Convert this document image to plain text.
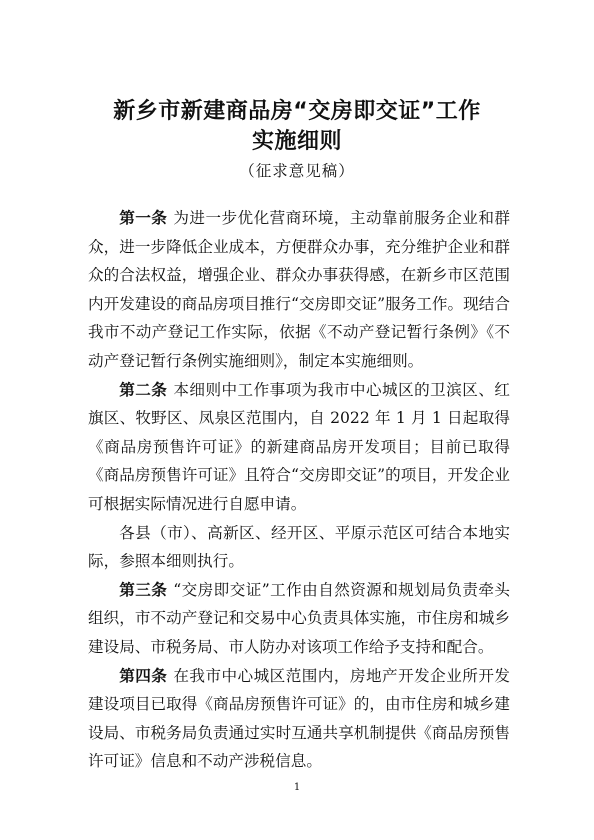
新乡市新建商品房“交房即交证”工作
实施细则
（征求意见稿）

第一条 为进一步优化营商环境，主动靠前服务企业和群众，进一步降低企业成本，方便群众办事，充分维护企业和群众的合法权益，增强企业、群众办事获得感，在新乡市区范围内开发建设的商品房项目推行“交房即交证”服务工作。现结合我市不动产登记工作实际，依据《不动产登记暂行条例》《不动产登记暂行条例实施细则》，制定本实施细则。

第二条 本细则中工作事项为我市中心城区的卫滨区、红旗区、牧野区、凤泉区范围内，自 2022 年 1 月 1 日起取得《商品房预售许可证》的新建商品房开发项目；目前已取得《商品房预售许可证》且符合“交房即交证”的项目，开发企业可根据实际情况进行自愿申请。

各县（市）、高新区、经开区、平原示范区可结合本地实际，参照本细则执行。

第三条 “交房即交证”工作由自然资源和规划局负责牵头组织，市不动产登记和交易中心负责具体实施，市住房和城乡建设局、市税务局、市人防办对该项工作给予支持和配合。

第四条 在我市中心城区范围内，房地产开发企业所开发建设项目已取得《商品房预售许可证》的，由市住房和城乡建设局、市税务局负责通过实时互通共享机制提供《商品房预售许可证》信息和不动产涉税信息。

1
